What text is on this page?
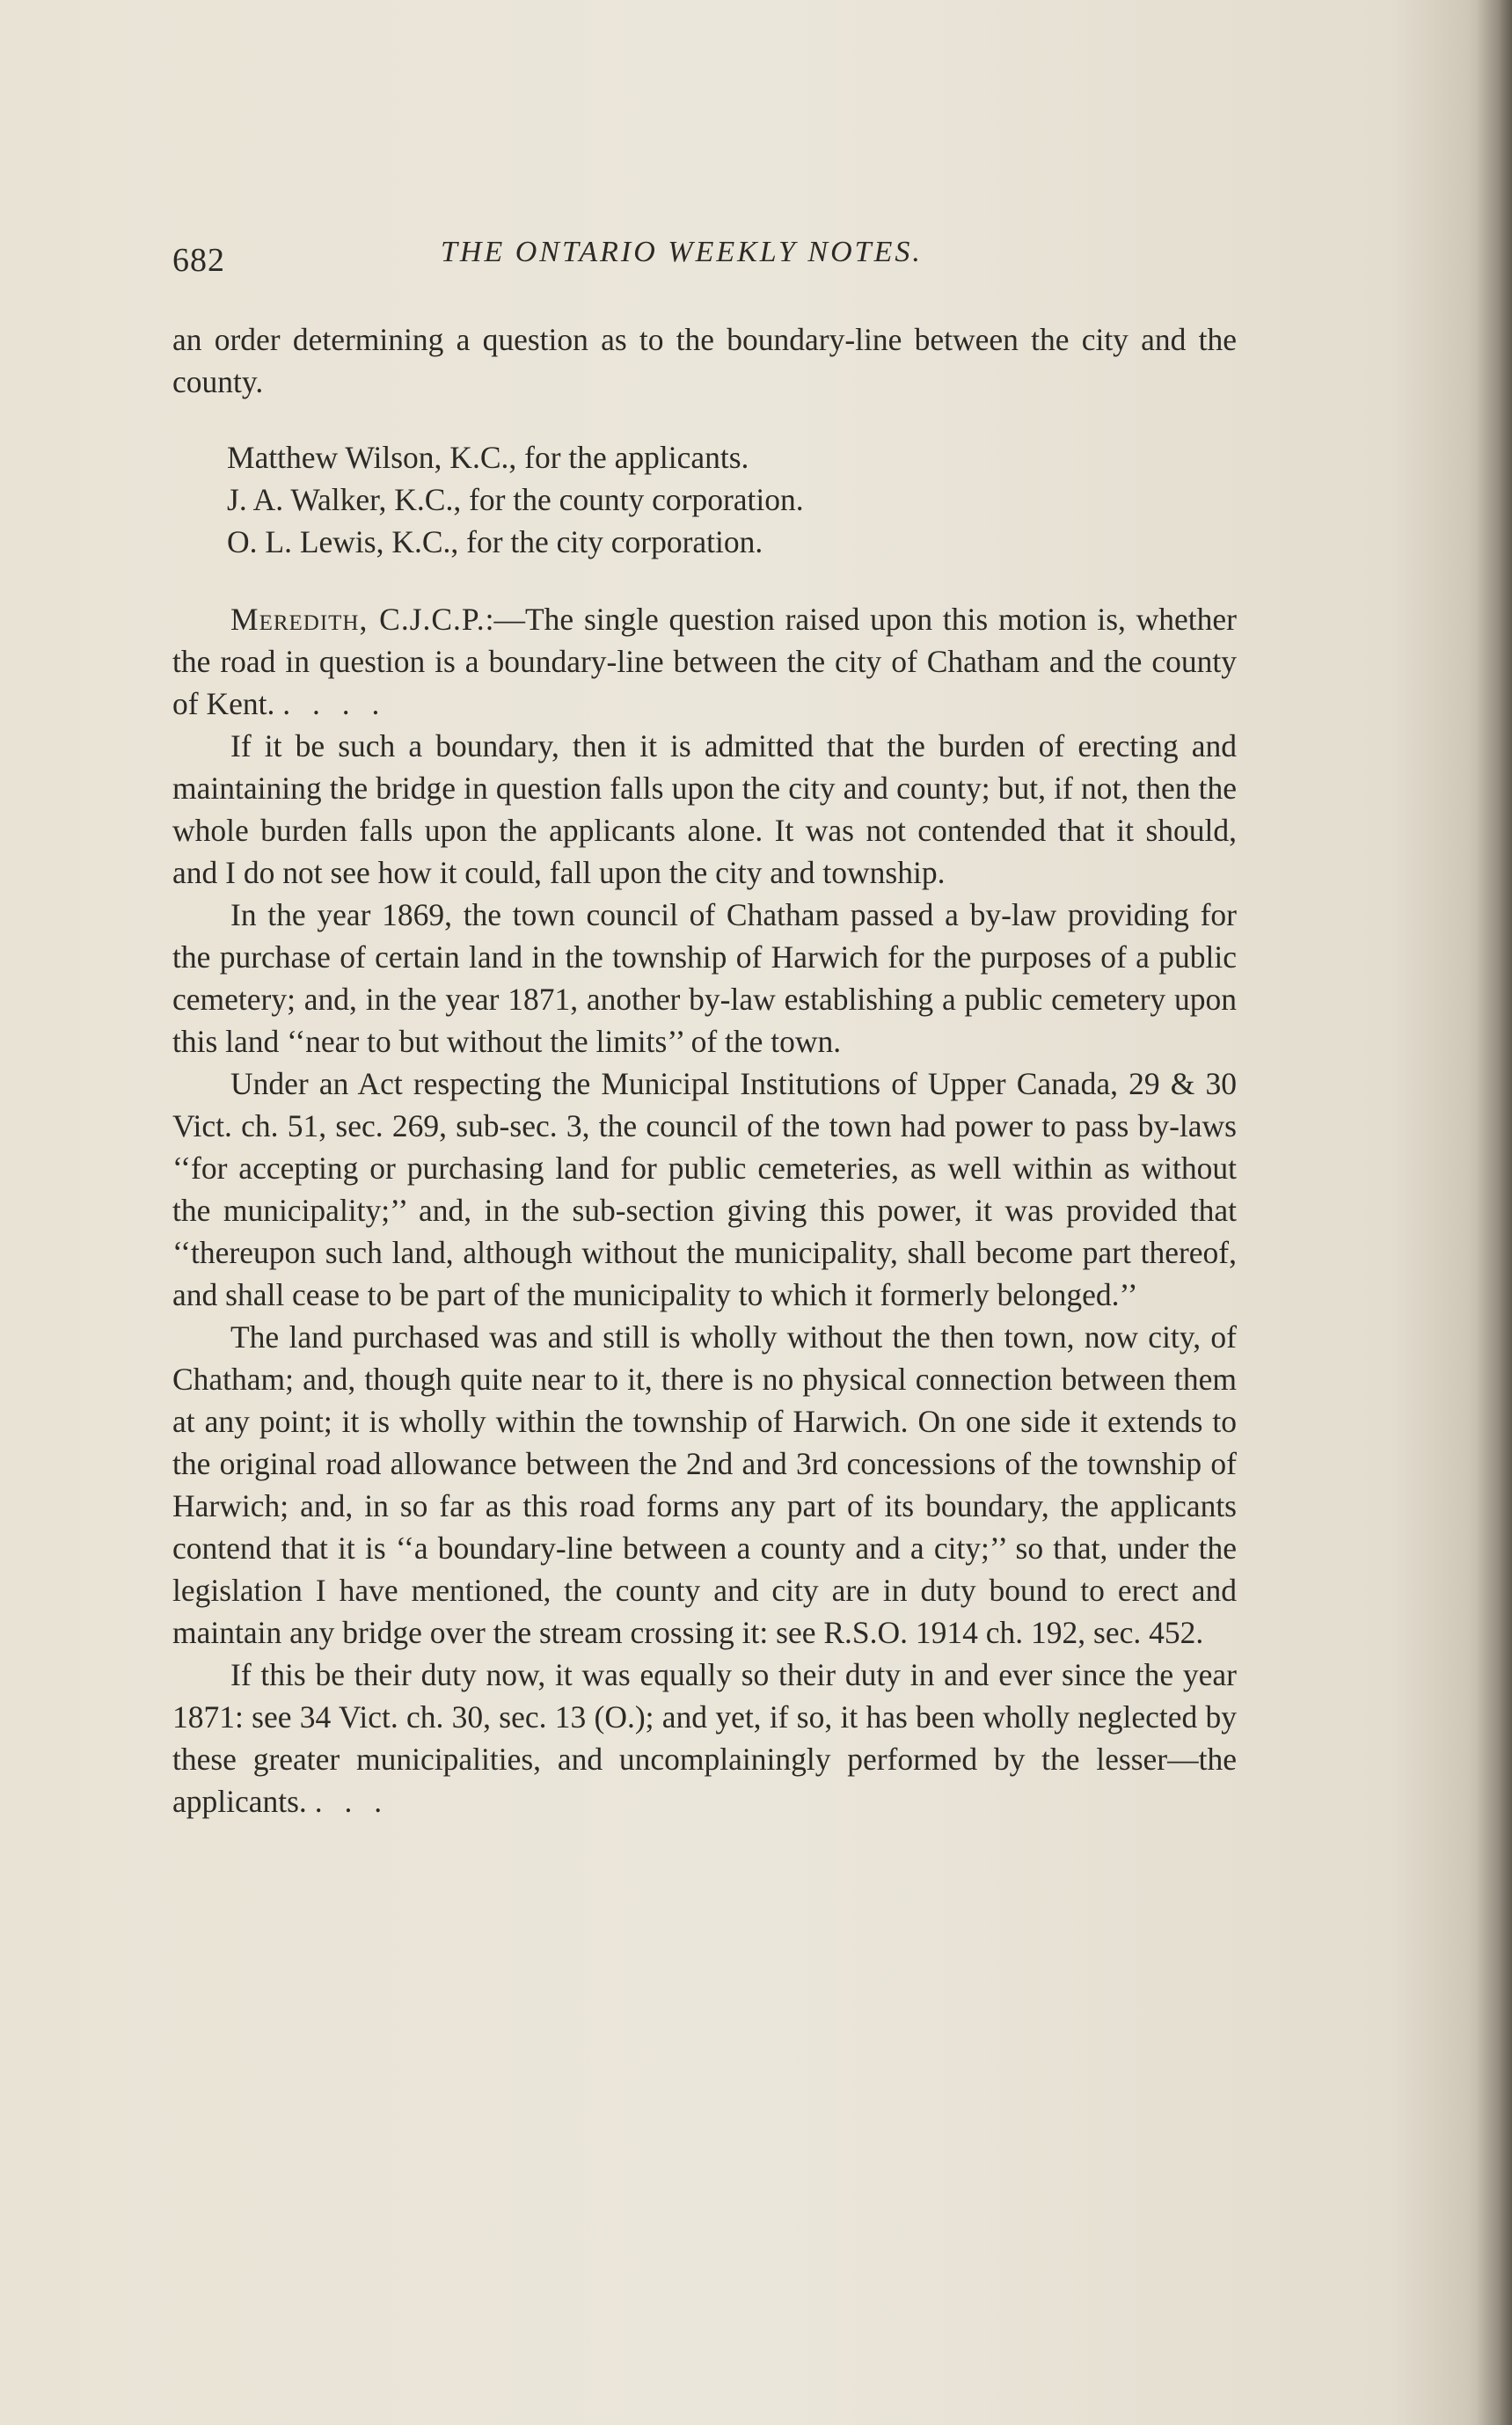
682	THE ONTARIO WEEKLY NOTES.

an order determining a question as to the boundary-line between the city and the county.

Matthew Wilson, K.C., for the applicants.
J. A. Walker, K.C., for the county corporation.
O. L. Lewis, K.C., for the city corporation.

Meredith, C.J.C.P.:—The single question raised upon this motion is, whether the road in question is a boundary-line between the city of Chatham and the county of Kent. . . . .

If it be such a boundary, then it is admitted that the burden of erecting and maintaining the bridge in question falls upon the city and county; but, if not, then the whole burden falls upon the applicants alone. It was not contended that it should, and I do not see how it could, fall upon the city and township.

In the year 1869, the town council of Chatham passed a by-law providing for the purchase of certain land in the township of Harwich for the purposes of a public cemetery; and, in the year 1871, another by-law establishing a public cemetery upon this land ‘‘near to but without the limits’’ of the town.

Under an Act respecting the Municipal Institutions of Upper Canada, 29 & 30 Vict. ch. 51, sec. 269, sub-sec. 3, the council of the town had power to pass by-laws ‘‘for accepting or purchasing land for public cemeteries, as well within as without the municipality;’’ and, in the sub-section giving this power, it was provided that ‘‘thereupon such land, although without the municipality, shall become part thereof, and shall cease to be part of the municipality to which it formerly belonged.’’

The land purchased was and still is wholly without the then town, now city, of Chatham; and, though quite near to it, there is no physical connection between them at any point; it is wholly within the township of Harwich. On one side it extends to the original road allowance between the 2nd and 3rd concessions of the township of Harwich; and, in so far as this road forms any part of its boundary, the applicants contend that it is ‘‘a boundary-line between a county and a city;’’ so that, under the legislation I have mentioned, the county and city are in duty bound to erect and maintain any bridge over the stream crossing it: see R.S.O. 1914 ch. 192, sec. 452.

If this be their duty now, it was equally so their duty in and ever since the year 1871: see 34 Vict. ch. 30, sec. 13 (O.); and yet, if so, it has been wholly neglected by these greater municipalities, and uncomplainingly performed by the lesser—the applicants. . . .
